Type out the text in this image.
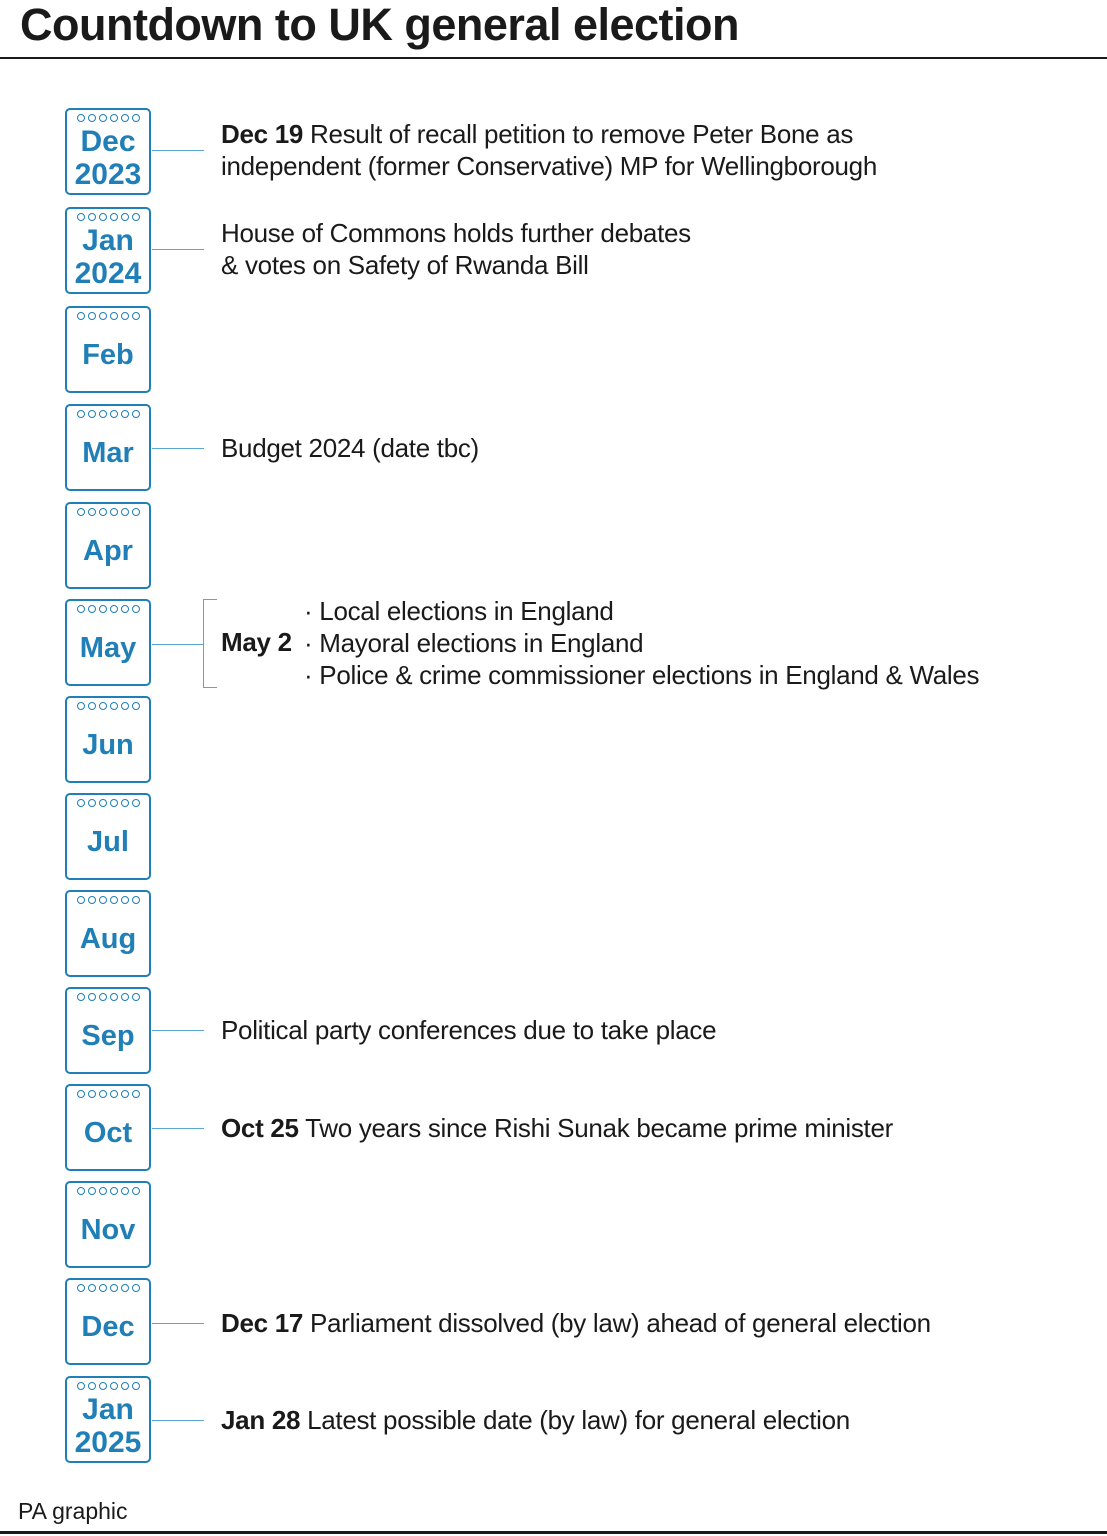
Countdown to UK general election
Dec
2023
Jan
2024
Feb
Mar
Apr
May
Jun
Jul
Aug
Sep
Oct
Nov
Dec
Jan
2025
Dec 19 Result of recall petition to remove Peter Bone as
independent (former Conservative) MP for Wellingborough
House of Commons holds further debates
& votes on Safety of Rwanda Bill
Budget 2024 (date tbc)
May 2
· Local elections in England
· Mayoral elections in England
· Police & crime commissioner elections in England & Wales
Political party conferences due to take place
Oct 25 Two years since Rishi Sunak became prime minister
Dec 17 Parliament dissolved (by law) ahead of general election
Jan 28 Latest possible date (by law) for general election
PA graphic
